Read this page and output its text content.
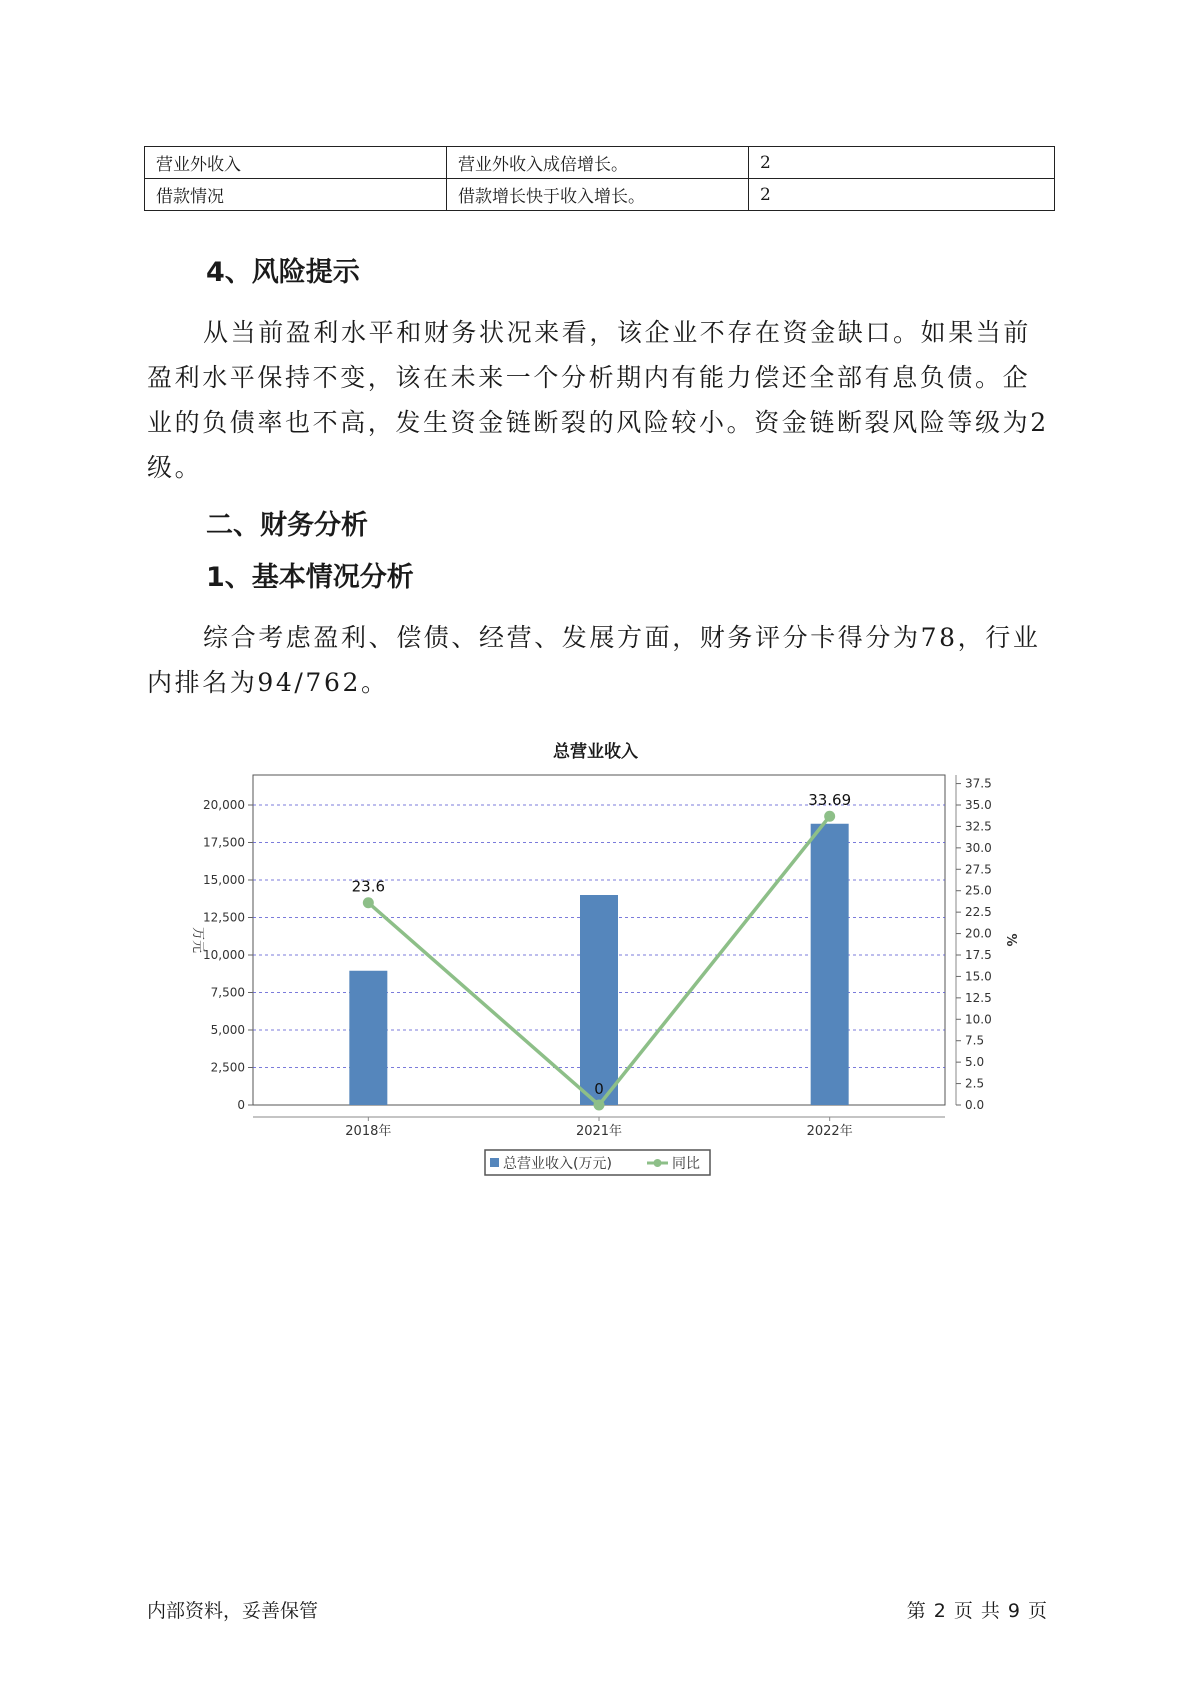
营业外收入	营业外收入成倍增长。	2
借款情况	借款增长快于收入增长。	2
4、风险提示

从当前盈利水平和财务状况来看，该企业不存在资金缺口。如果当前盈利水平保持不变，该在未来一个分析期内有能力偿还全部有息负债。企业的负债率也不高，发生资金链断裂的风险较小。资金链断裂风险等级为2级。

二、财务分析
1、基本情况分析

综合考虑盈利、偿债、经营、发展方面，财务评分卡得分为78，行业内排名为94/762。

总营业收入
0
2,500
5,000
7,500
10,000
12,500
15,000
17,500
20,000
0.0
2.5
5.0
7.5
10.0
12.5
15.0
17.5
20.0
22.5
25.0
27.5
30.0
32.5
35.0
37.5
23.6
0
33.69
2018年	2021年	2022年
万元	%
总营业收入(万元)	同比
内部资料，妥善保管	第 2 页 共 9 页
